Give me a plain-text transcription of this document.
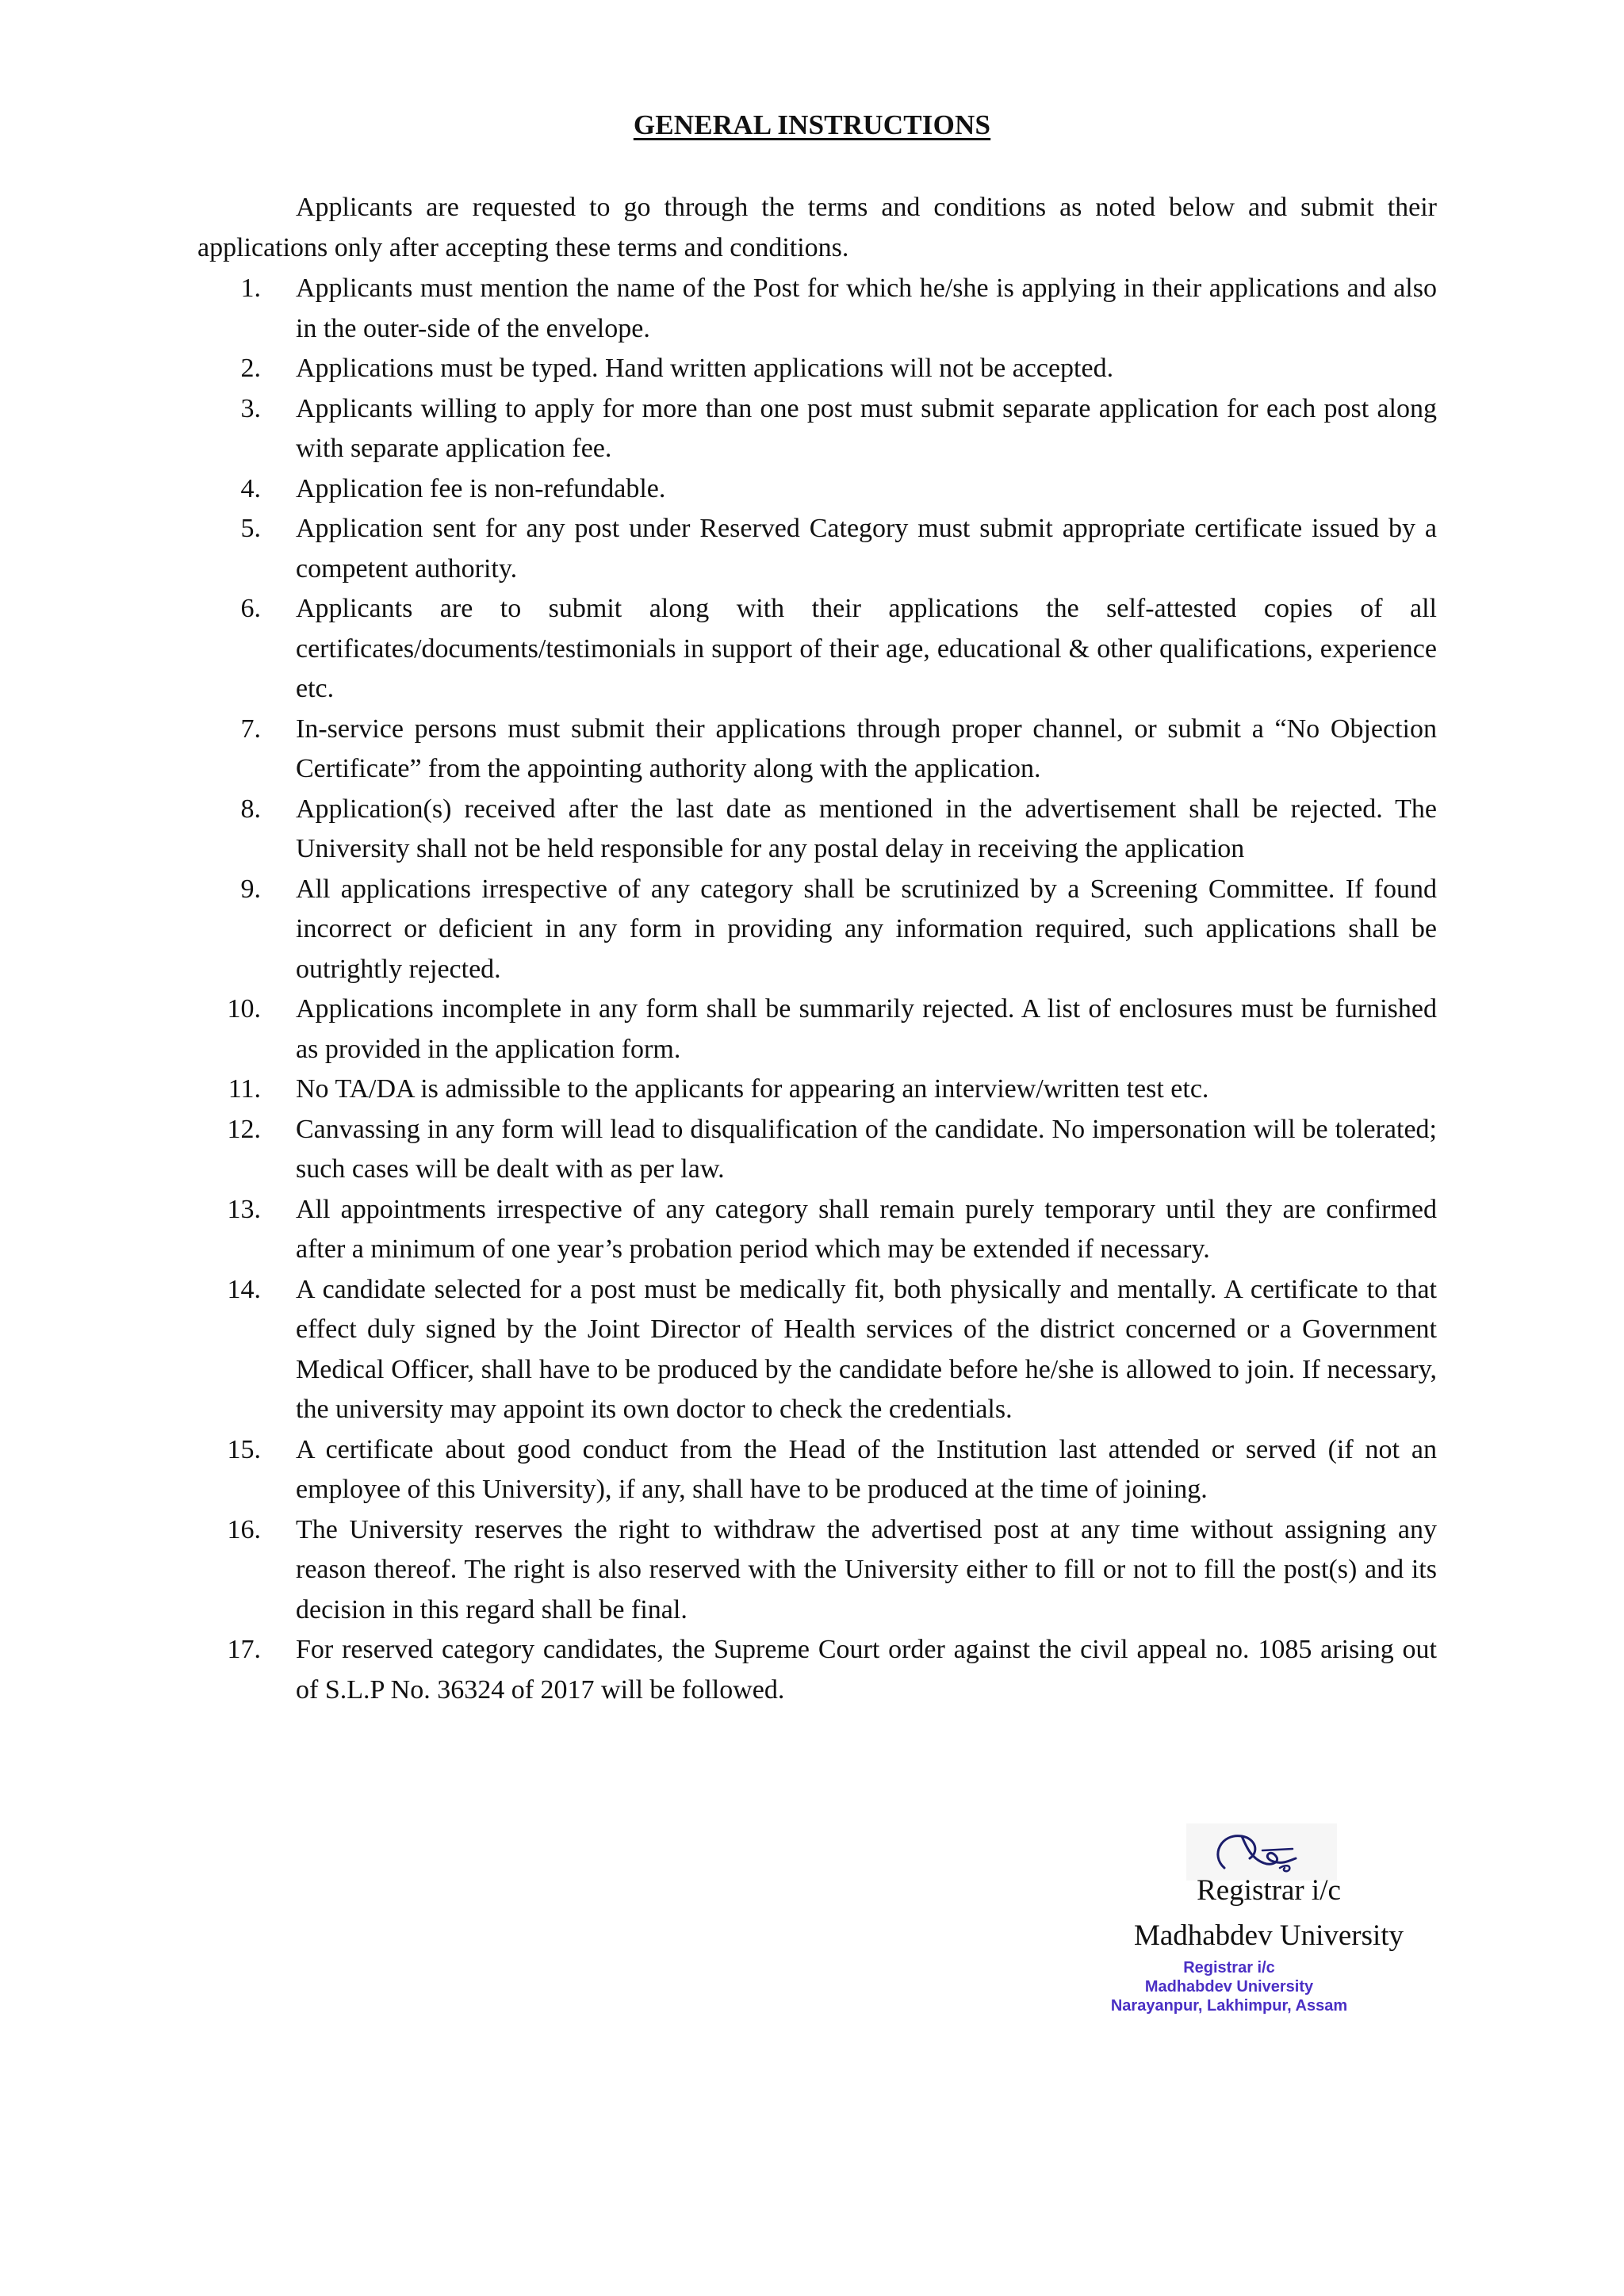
GENERAL INSTRUCTIONS

Applicants are requested to go through the terms and conditions as noted below and submit their applications only after accepting these terms and conditions.

1. Applicants must mention the name of the Post for which he/she is applying in their applications and also in the outer-side of the envelope.
2. Applications must be typed. Hand written applications will not be accepted.
3. Applicants willing to apply for more than one post must submit separate application for each post along with separate application fee.
4. Application fee is non-refundable.
5. Application sent for any post under Reserved Category must submit appropriate certificate issued by a competent authority.
6. Applicants are to submit along with their applications the self-attested copies of all certificates/documents/testimonials in support of their age, educational & other qualifications, experience etc.
7. In-service persons must submit their applications through proper channel, or submit a “No Objection Certificate” from the appointing authority along with the application.
8. Application(s) received after the last date as mentioned in the advertisement shall be rejected. The University shall not be held responsible for any postal delay in receiving the application
9. All applications irrespective of any category shall be scrutinized by a Screening Committee. If found incorrect or deficient in any form in providing any information required, such applications shall be outrightly rejected.
10. Applications incomplete in any form shall be summarily rejected. A list of enclosures must be furnished as provided in the application form.
11. No TA/DA is admissible to the applicants for appearing an interview/written test etc.
12. Canvassing in any form will lead to disqualification of the candidate. No impersonation will be tolerated; such cases will be dealt with as per law.
13. All appointments irrespective of any category shall remain purely temporary until they are confirmed after a minimum of one year’s probation period which may be extended if necessary.
14. A candidate selected for a post must be medically fit, both physically and mentally. A certificate to that effect duly signed by the Joint Director of Health services of the district concerned or a Government Medical Officer, shall have to be produced by the candidate before he/she is allowed to join. If necessary, the university may appoint its own doctor to check the credentials.
15. A certificate about good conduct from the Head of the Institution last attended or served (if not an employee of this University), if any, shall have to be produced at the time of joining.
16. The University reserves the right to withdraw the advertised post at any time without assigning any reason thereof. The right is also reserved with the University either to fill or not to fill the post(s) and its decision in this regard shall be final.
17. For reserved category candidates, the Supreme Court order against the civil appeal no. 1085 arising out of S.L.P No. 36324 of 2017 will be followed.
Registrar i/c
Madhabdev University
Registrar i/c
Madhabdev University
Narayanpur, Lakhimpur, Assam
